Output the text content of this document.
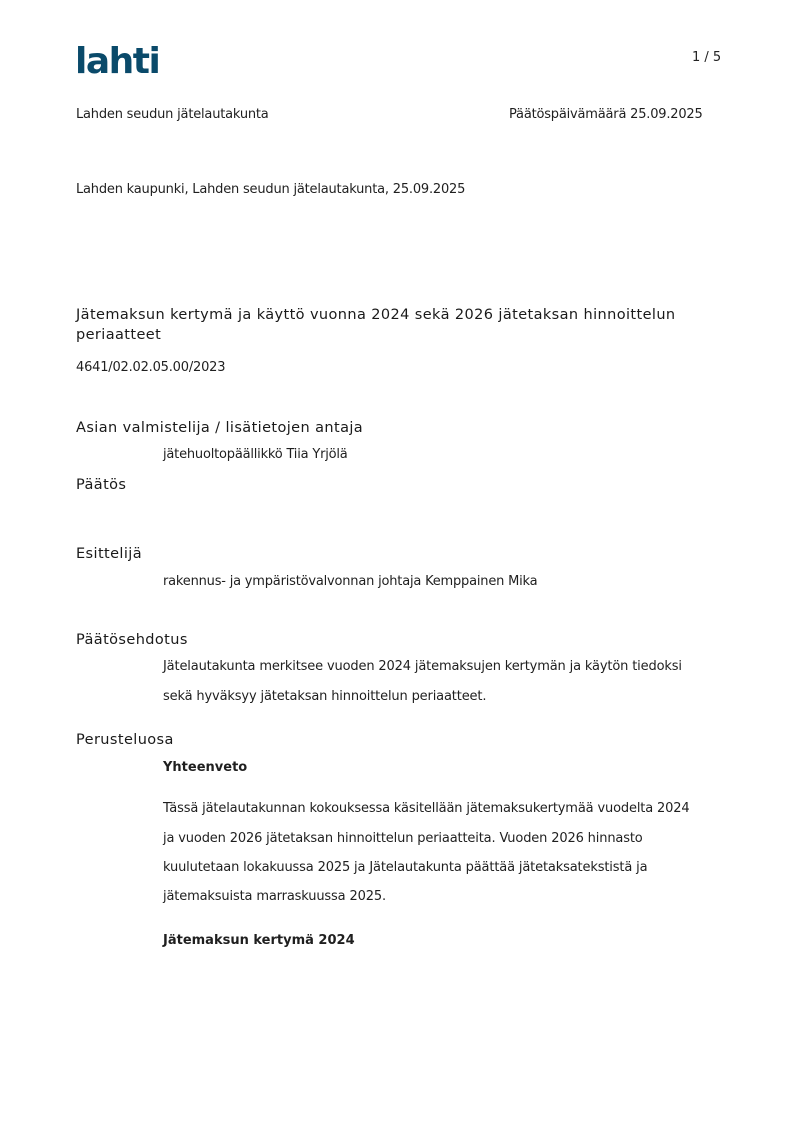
lahti	1 / 5
Lahden seudun jätelautakunta	Päätöspäivämäärä 25.09.2025
Lahden kaupunki, Lahden seudun jätelautakunta, 25.09.2025
Jätemaksun kertymä ja käyttö vuonna 2024 sekä 2026 jätetaksan hinnoittelun
periaatteet
4641/02.02.05.00/2023
Asian valmistelija / lisätietojen antaja
jätehuoltopäällikkö Tiia Yrjölä
Päätös
Esittelijä
rakennus- ja ympäristövalvonnan johtaja Kemppainen Mika
Päätösehdotus
Jätelautakunta merkitsee vuoden 2024 jätemaksujen kertymän ja käytön tiedoksi
sekä hyväksyy jätetaksan hinnoittelun periaatteet.
Perusteluosa
Yhteenveto
Tässä jätelautakunnan kokouksessa käsitellään jätemaksukertymää vuodelta 2024
ja vuoden 2026 jätetaksan hinnoittelun periaatteita. Vuoden 2026 hinnasto
kuulutetaan lokakuussa 2025 ja Jätelautakunta päättää jätetaksatekstistä ja
jätemaksuista marraskuussa 2025.
Jätemaksun kertymä 2024
